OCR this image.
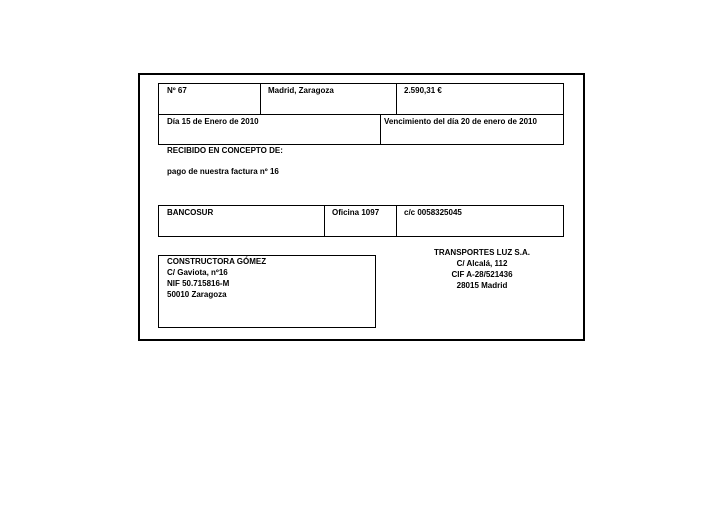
Nº 67	Madrid, Zaragoza	2.590,31 €
Día 15 de Enero de 2010	Vencimiento del día 20 de enero de 2010
RECIBIDO EN CONCEPTO DE:
pago de nuestra factura nº 16
BANCOSUR	Oficina 1097	c/c 0058325045
CONSTRUCTORA GÓMEZ
C/ Gaviota, nº16
NIF 50.715816-M
50010 Zaragoza
TRANSPORTES LUZ S.A.
C/ Alcalá, 112
CIF A-28/521436
28015 Madrid
